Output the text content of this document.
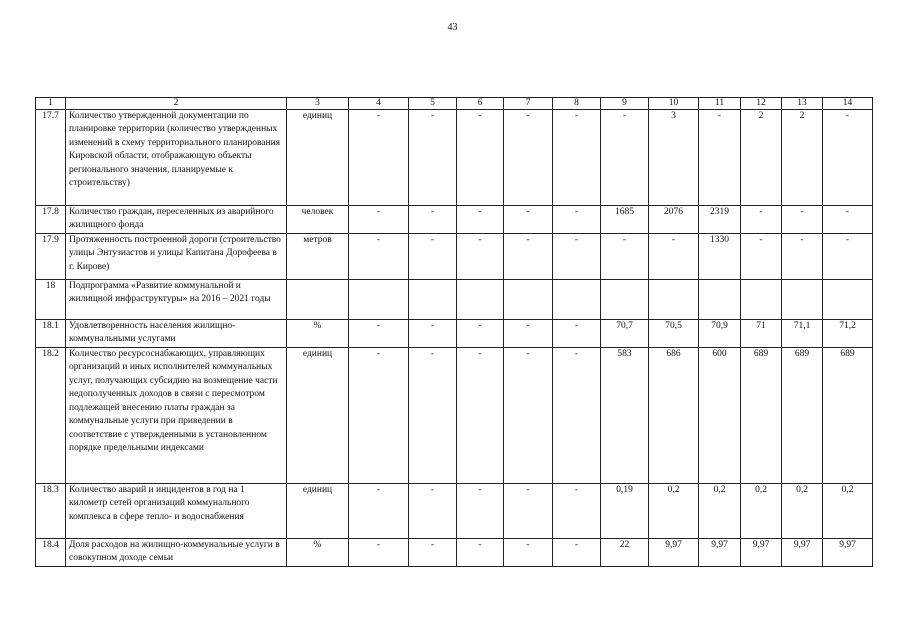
43
1	2	3	4	5	6	7	8	9	10	11	12	13	14
17.7	Количество утвержденной документации по планировке территории (количество утвержденных изменений в схему территориального планирования Кировской области, отображающую объекты регионального значения, планируемые к строительству)	единиц	-	-	-	-	-	-	3	-	2	2	-
17.8	Количество граждан, переселенных из аварийного жилищного фонда	человек	-	-	-	-	-	1685	2076	2319	-	-	-
17.9	Протяженность построенной дороги (строительство улицы Энтузиастов и улицы Капитана Дорофеева в г. Кирове)	метров	-	-	-	-	-	-	-	1330	-	-	-
18	Подпрограмма «Развитие коммунальной и жилищной инфраструктуры» на 2016 – 2021 годы												
18.1	Удовлетворенность населения жилищно-коммунальными услугами	%	-	-	-	-	-	70,7	70,5	70,9	71	71,1	71,2
18.2	Количество ресурсоснабжающих, управляющих организаций и иных исполнителей коммунальных услуг, получающих субсидию на возмещение части недополученных доходов в связи с пересмотром подлежащей внесению платы граждан за коммунальные услуги при приведении в соответствие с утвержденными в установленном порядке предельными индексами	единиц	-	-	-	-	-	583	686	600	689	689	689
18.3	Количество аварий и инцидентов в год на 1 километр сетей организаций коммунального комплекса в сфере тепло- и водоснабжения	единиц	-	-	-	-	-	0,19	0,2	0,2	0,2	0,2	0,2
18.4	Доля расходов на жилищно-коммунальные услуги в совокупном доходе семьи	%	-	-	-	-	-	22	9,97	9,97	9,97	9,97	9,97
